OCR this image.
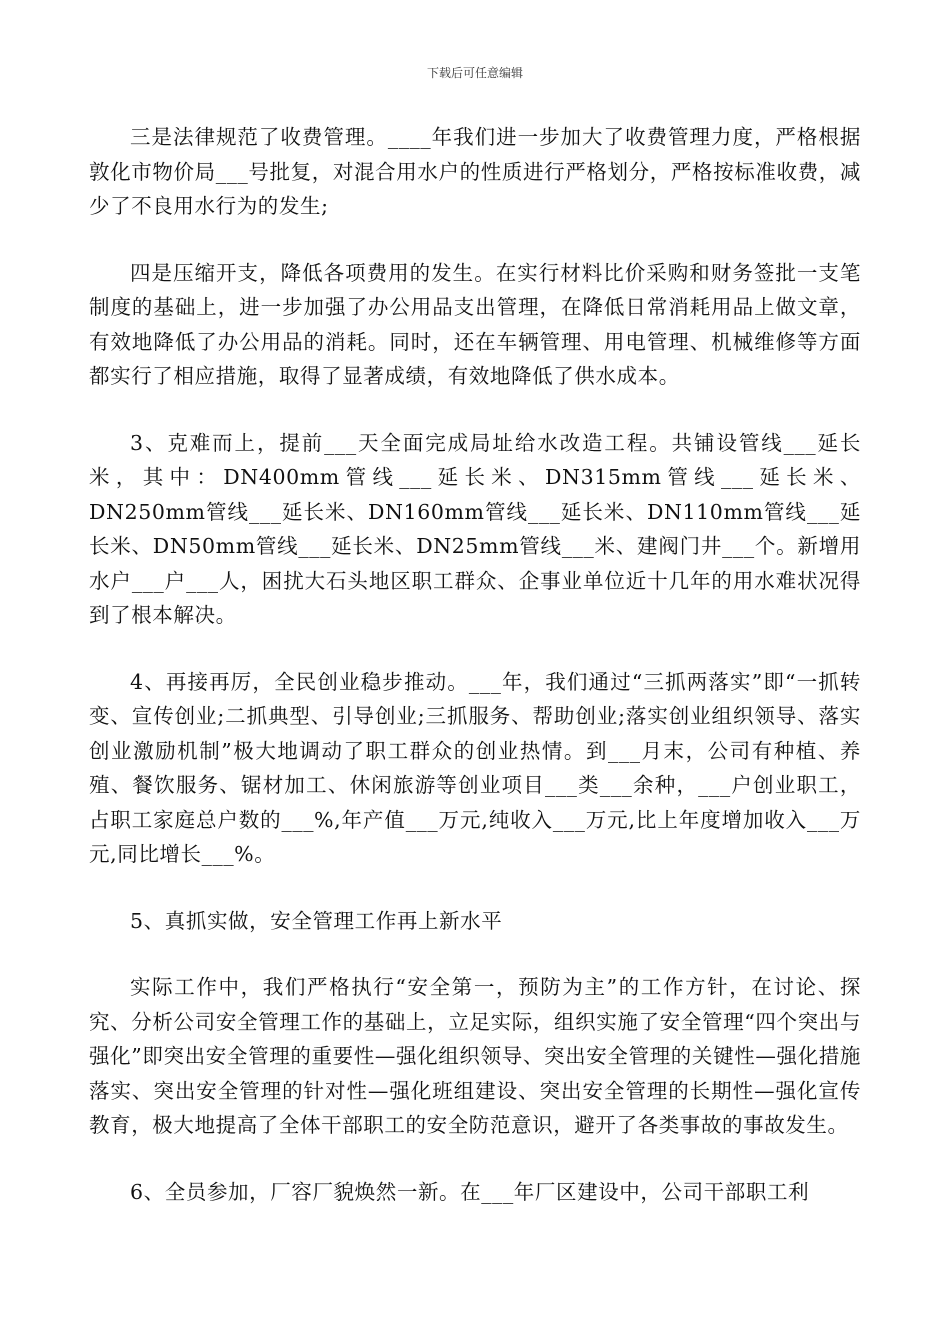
下载后可任意编辑

三是法律规范了收费管理。____年我们进一步加大了收费管理力度，严格根据敦化市物价局___号批复，对混合用水户的性质进行严格划分，严格按标准收费，减少了不良用水行为的发生;

四是压缩开支，降低各项费用的发生。在实行材料比价采购和财务签批一支笔制度的基础上，进一步加强了办公用品支出管理，在降低日常消耗用品上做文章，有效地降低了办公用品的消耗。同时，还在车辆管理、用电管理、机械维修等方面都实行了相应措施，取得了显著成绩，有效地降低了供水成本。

3、克难而上，提前___天全面完成局址给水改造工程。共铺设管线___延长米，其中：DN400mm管线___延长米、DN315mm管线___延长米、DN250mm管线___延长米、DN160mm管线___延长米、DN110mm管线___延长米、DN50mm管线___延长米、DN25mm管线___米、建阀门井___个。新增用水户___户___人，困扰大石头地区职工群众、企事业单位近十几年的用水难状况得到了根本解决。

4、再接再厉，全民创业稳步推动。___年，我们通过“三抓两落实”即“一抓转变、宣传创业;二抓典型、引导创业;三抓服务、帮助创业;落实创业组织领导、落实创业激励机制”极大地调动了职工群众的创业热情。到___月末，公司有种植、养殖、餐饮服务、锯材加工、休闲旅游等创业项目___类___余种，___户创业职工，占职工家庭总户数的___%,年产值___万元,纯收入___万元,比上年度增加收入___万元,同比增长___%。

5、真抓实做，安全管理工作再上新水平

实际工作中，我们严格执行“安全第一，预防为主”的工作方针，在讨论、探究、分析公司安全管理工作的基础上，立足实际，组织实施了安全管理“四个突出与强化”即突出安全管理的重要性—强化组织领导、突出安全管理的关键性—强化措施落实、突出安全管理的针对性—强化班组建设、突出安全管理的长期性—强化宣传教育，极大地提高了全体干部职工的安全防范意识，避开了各类事故的事故发生。

6、全员参加，厂容厂貌焕然一新。在___年厂区建设中，公司干部职工利
